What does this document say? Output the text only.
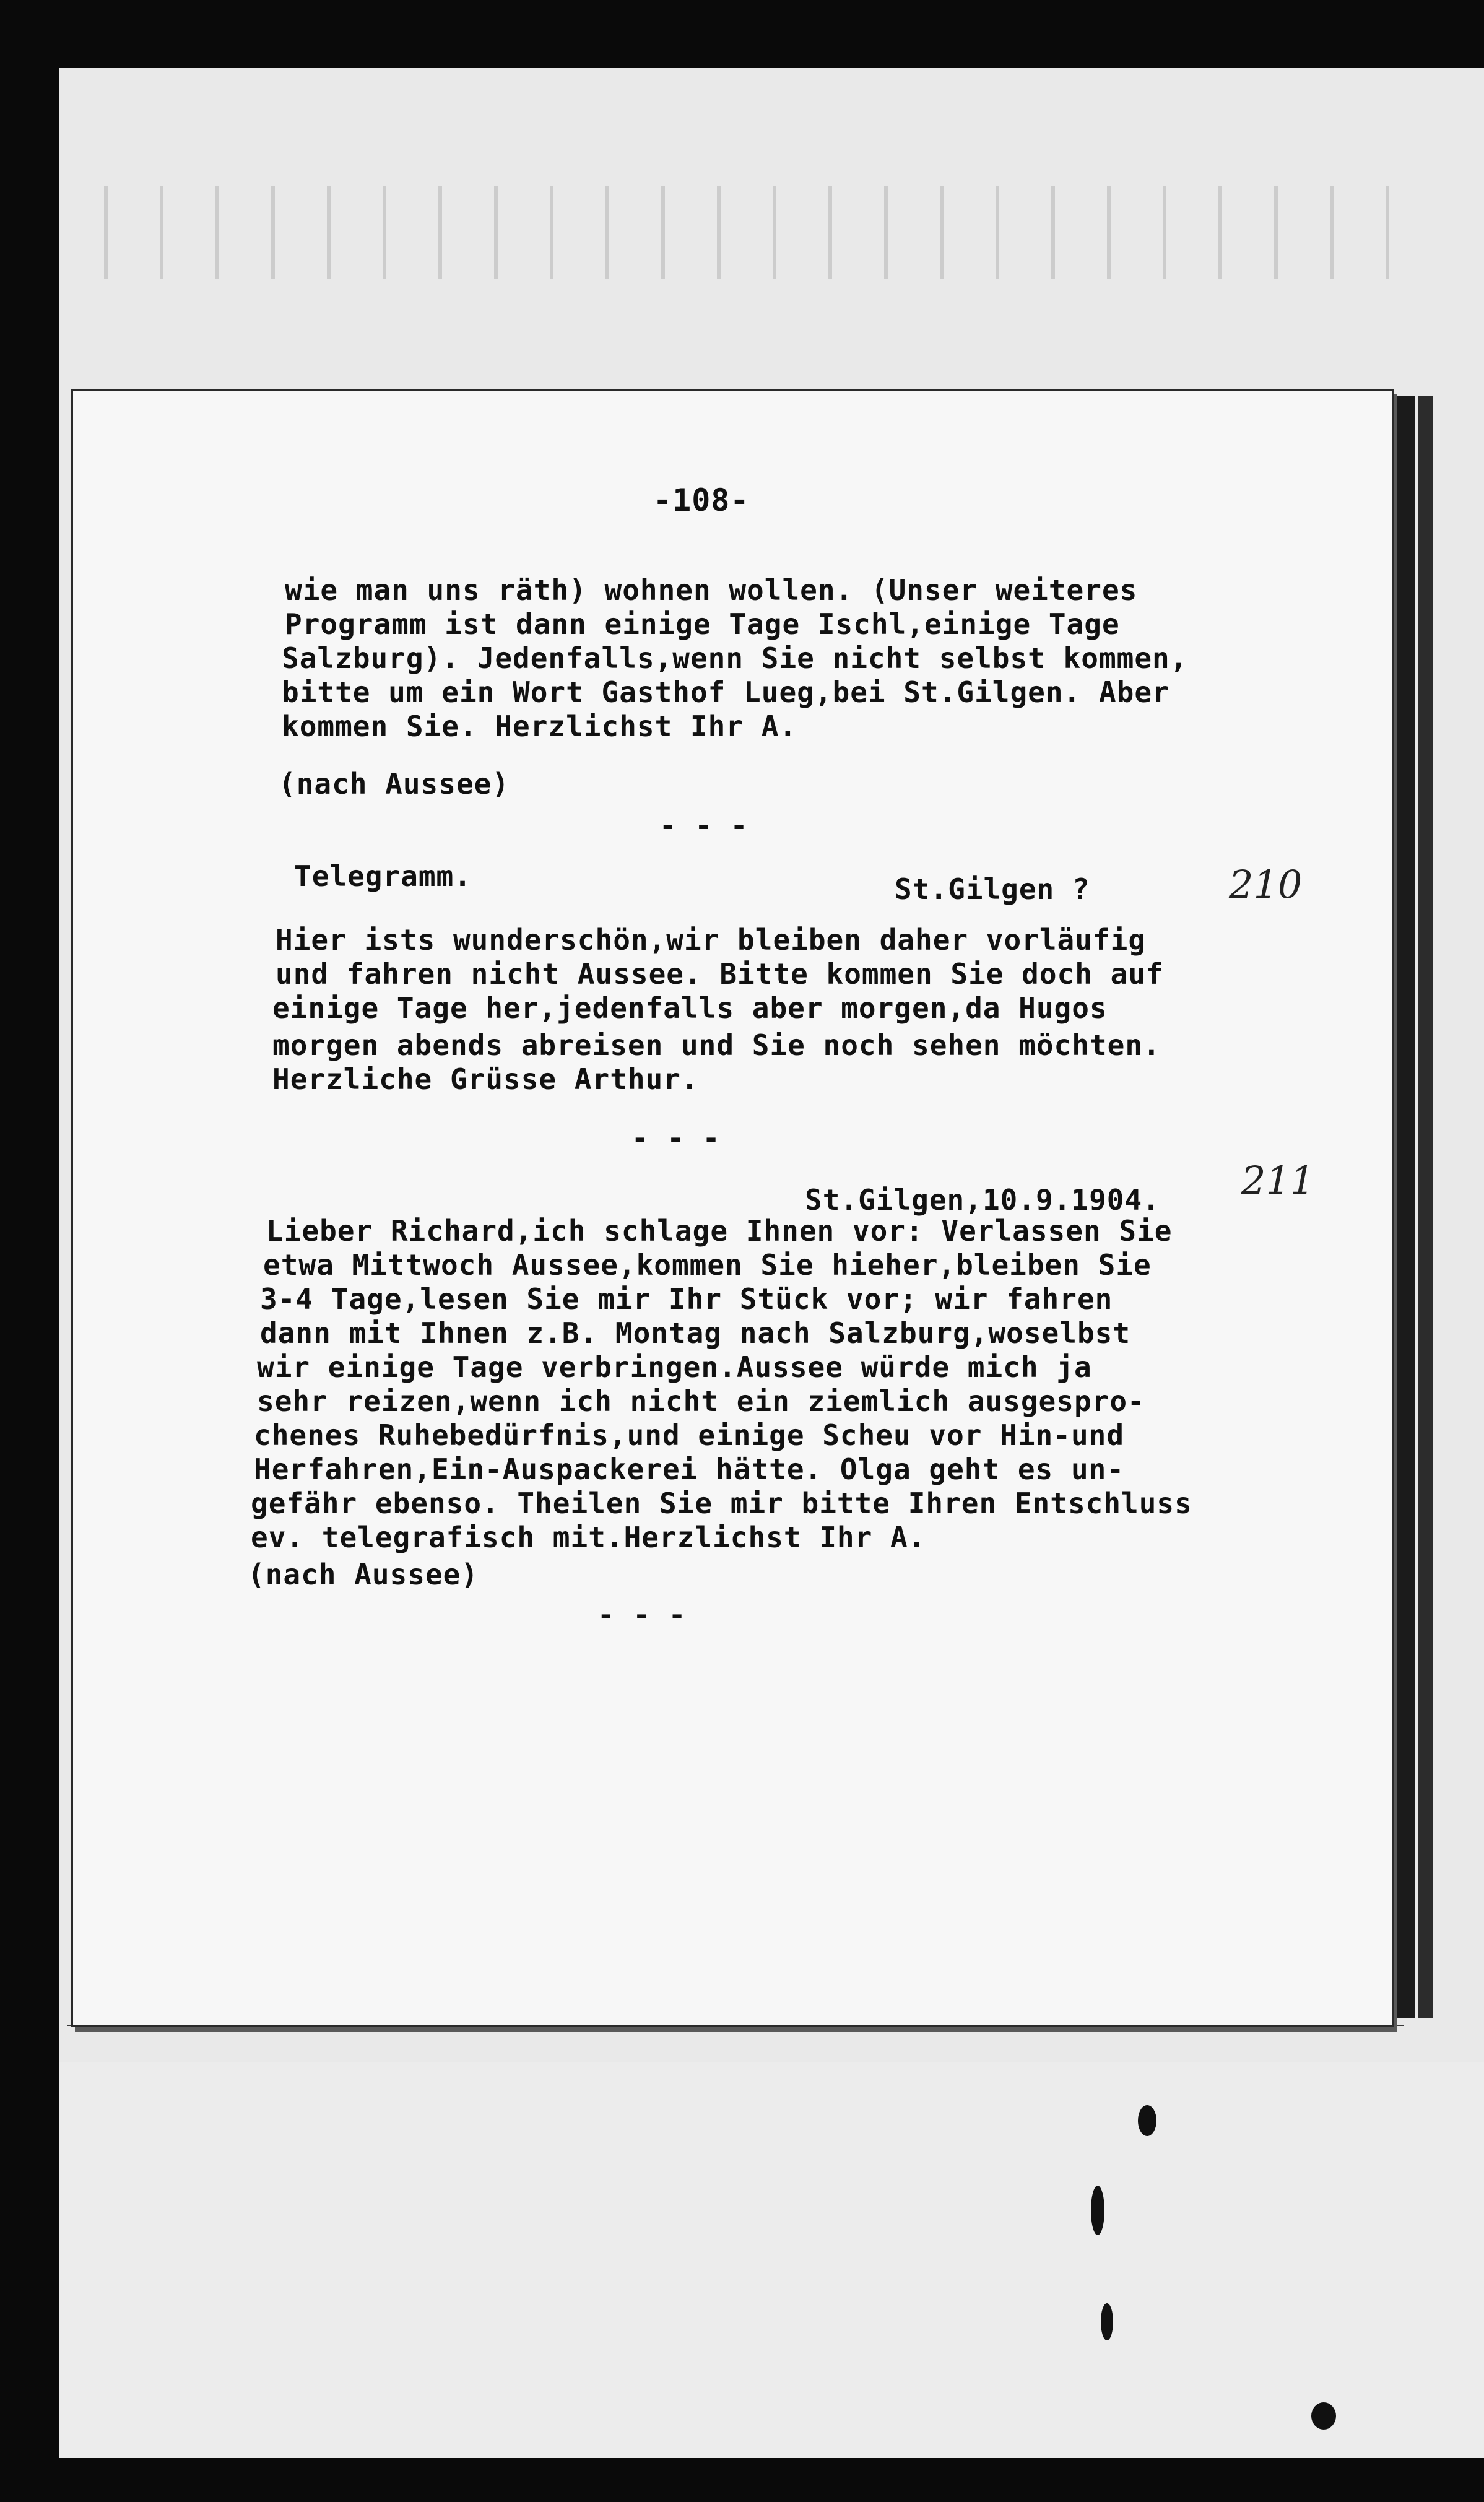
-108-
wie man uns räth) wohnen wollen. (Unser weiteres
Programm ist dann einige Tage Ischl,einige Tage
Salzburg). Jedenfalls,wenn Sie nicht selbst kommen,
bitte um ein Wort Gasthof Lueg,bei St.Gilgen. Aber
kommen Sie. Herzlichst Ihr A.
(nach Aussee)
- - -
Telegramm.	St.Gilgen ?	210
Hier ists wunderschön,wir bleiben daher vorläufig
und fahren nicht Aussee. Bitte kommen Sie doch auf
einige Tage her,jedenfalls aber morgen,da Hugos
morgen abends abreisen und Sie noch sehen möchten.
Herzliche Grüsse Arthur.
- - -
St.Gilgen,10.9.1904. 211
Lieber Richard,ich schlage Ihnen vor: Verlassen Sie
etwa Mittwoch Aussee,kommen Sie hieher,bleiben Sie
3-4 Tage,lesen Sie mir Ihr Stück vor; wir fahren
dann mit Ihnen z.B. Montag nach Salzburg,woselbst
wir einige Tage verbringen.Aussee würde mich ja
sehr reizen,wenn ich nicht ein ziemlich ausgespro-
chenes Ruhebedürfnis,und einige Scheu vor Hin-und
Herfahren,Ein-Auspackerei hätte. Olga geht es un-
gefähr ebenso. Theilen Sie mir bitte Ihren Entschluss
ev. telegrafisch mit.Herzlichst Ihr A.
(nach Aussee)
- - -
